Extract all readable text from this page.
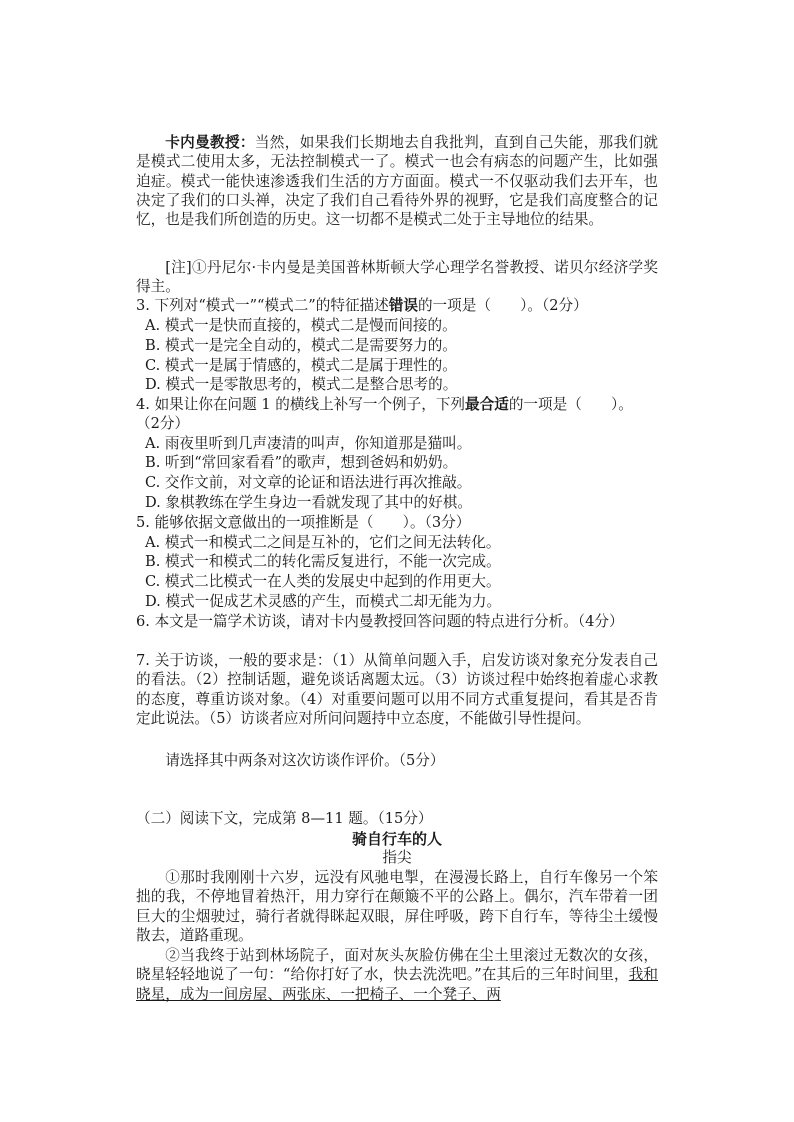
卡内曼教授：当然，如果我们长期地去自我批判，直到自己失能，那我们就是模式二使用太多，无法控制模式一了。模式一也会有病态的问题产生，比如强迫症。模式一能快速渗透我们生活的方方面面。模式一不仅驱动我们去开车，也决定了我们的口头禅，决定了我们自己看待外界的视野，它是我们高度整合的记忆，也是我们所创造的历史。这一切都不是模式二处于主导地位的结果。

[注]①丹尼尔·卡内曼是美国普林斯顿大学心理学名誉教授、诺贝尔经济学奖得主。

3. 下列对“模式一”“模式二”的特征描述错误的一项是（　　）。（2分）

A. 模式一是快而直接的，模式二是慢而间接的。

B. 模式一是完全自动的，模式二是需要努力的。

C. 模式一是属于情感的，模式二是属于理性的。

D. 模式一是零散思考的，模式二是整合思考的。

4. 如果让你在问题 1 的横线上补写一个例子，下列最合适的一项是（　　）。

（2分）

A. 雨夜里听到几声凄清的叫声，你知道那是猫叫。

B. 听到“常回家看看”的歌声，想到爸妈和奶奶。

C. 交作文前，对文章的论证和语法进行再次推敲。

D. 象棋教练在学生身边一看就发现了其中的好棋。

5. 能够依据文意做出的一项推断是（　　）。（3分）

A. 模式一和模式二之间是互补的，它们之间无法转化。

B. 模式一和模式二的转化需反复进行，不能一次完成。

C. 模式二比模式一在人类的发展史中起到的作用更大。

D. 模式一促成艺术灵感的产生，而模式二却无能为力。

6. 本文是一篇学术访谈，请对卡内曼教授回答问题的特点进行分析。（4分）

7. 关于访谈，一般的要求是：（1）从简单问题入手，启发访谈对象充分发表自己的看法。（2）控制话题，避免谈话离题太远。（3）访谈过程中始终抱着虚心求教的态度，尊重访谈对象。（4）对重要问题可以用不同方式重复提问，看其是否肯定此说法。（5）访谈者应对所问问题持中立态度，不能做引导性提问。

请选择其中两条对这次访谈作评价。（5分）

（二）阅读下文，完成第 8—11 题。（15分）

骑自行车的人

指尖

①那时我刚刚十六岁，远没有风驰电掣，在漫漫长路上，自行车像另一个笨拙的我，不停地冒着热汗，用力穿行在颠簸不平的公路上。偶尔，汽车带着一团巨大的尘烟驶过，骑行者就得眯起双眼，屏住呼吸，跨下自行车，等待尘土缓慢散去，道路重现。

②当我终于站到林场院子，面对灰头灰脸仿佛在尘土里滚过无数次的女孩，晓星轻轻地说了一句：“给你打好了水，快去洗洗吧。”在其后的三年时间里，我和晓星，成为一间房屋、两张床、一把椅子、一个凳子、两
